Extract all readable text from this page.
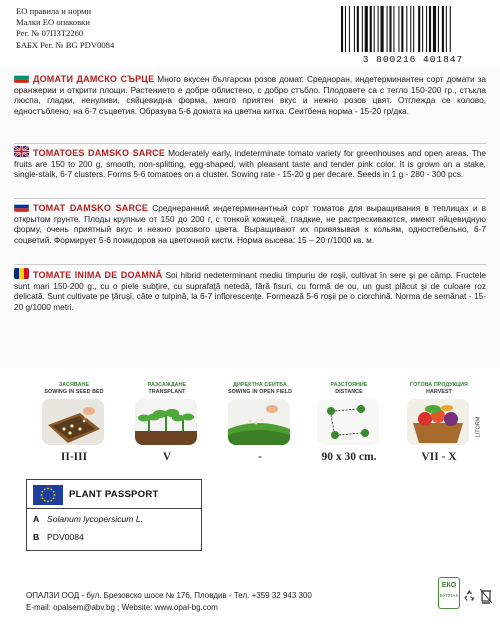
ЕО правила и норми
Малки ЕО опаковки
Рег. № 07ПЗТ2260
БАБХ Рег. № BG PDV0084
3 800216 401847
ДОМАТИ ДАМСКО СЪРЦЕ Много вкусен български розов домат. Средноран, индетерминантен сорт домати за оранжерии и открити площи. Растението е добре облистено, с добро стъбло. Плодовете са с тегло 150-200 гр., стъкла люспа, гладки, ненуливи, сяйцевидна форма, много приятен вкус и нежно розов цвят. Отглежда се колово, едностъблено, на 6-7 съцветия. Образува 5-6 домата на цветна китка. Сеитбена норма - 15-20 гр/дка.
TOMATOES DAMSKO SARCE Moderately early, indeterminate tomato variety for greenhouses and open areas. The fruits are 150 to 200 g, smooth, non-splitting, egg-shaped, with pleasant taste and tender pink color. It is grown on a stake, single-stalk, 6-7 clusters. Forms 5-6 tomatoes on a cluster. Sowing rate - 15-20 g per decare. Seeds in 1 g - 280 - 300 pcs.
ТОМАТ DAMSKO SARCE Среднеранний индетерминантный сорт томатов для выращивания в теплицах и в открытом грунте. Плоды крупные от 150 до 200 г, с тонкой кожицей, гладкие, не растрескиваются, имеют яйцевидную форму, очень приятный вкус и нежно розового цвета. Выращивают их привязывая к кольям, одностебельно, 6-7 соцветий. Формирует 5-6 помидоров на цветочной кисти. Норма высева: 15 – 20 г/1000 кв. м.
TOMATE INIMA DE DOAMNĂ Soi hibrid nedeterminant mediu timpuriu de roşii, cultivat în sere şi pe câmp. Fructele sunt mari 150-200 g., cu o piele subţire, cu suprafaţă netedă, fără fisuri, cu formă de ou, un gust plăcut şi de culoare roz delicată. Sunt cultivate pe ţăruşi, câte o tulpină, la 6-7 inflorescenţe. Formează 5-6 roşii pe o ciorchină. Norma de semănat - 15-20 g/1000 metri.
ЗАСЯВАНЕ
SOWING IN SEED BED
II-III
РАЗСАЖДАНЕ
TRANSPLANT
V
ДИРЕКТНА СЕИТБА
SOWING IN OPEN FIELD
-
РАЗСТОЯНИЕ
DISTANCE
90 x 30 cm.
ГОТОВА ПРОДУКЦИЯ
HARVEST
VII - X
LITORM
PLANT PASSPORT
A Solanum lycopersicum L.
B PDV0084
ОПАЛЗИ ООД - бул. Брезовско шосе № 176, Пловдив - Тел. +359 32 943 300
E-mail: opalsem@abv.bg ; Website: www.opal-bg.com
ЕКО
БУЛПАК
